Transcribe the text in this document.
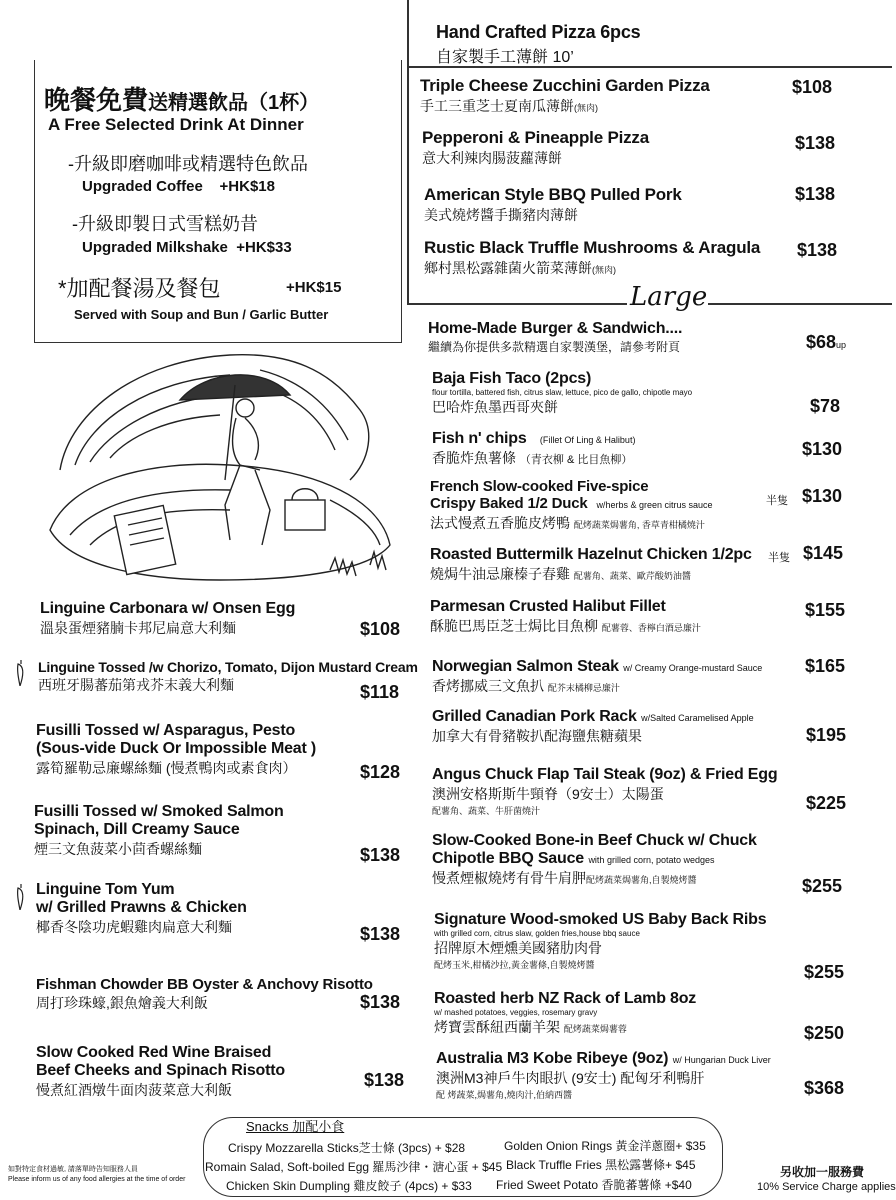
晚餐免費送精選飲品（1杯）
A Free Selected Drink At Dinner
-升級即磨咖啡或精選特色飲品
Upgraded Coffee +HK$18
-升級即製日式雪糕奶昔
Upgraded Milkshake +HK$33
*加配餐湯及餐包	+HK$15
Served with Soup and Bun / Garlic Butter
Hand Crafted Pizza 6pcs
自家製手工薄餅 10’
Triple Cheese Zucchini Garden Pizza
手工三重芝士夏南瓜薄餅(無肉)
$108
Pepperoni & Pineapple Pizza
意大利辣肉腸菠蘿薄餅
$138
American Style BBQ Pulled Pork
美式燒烤醬手撕豬肉薄餅
$138
Rustic Black Truffle Mushrooms & Aragula
鄉村黑松露雜菌火箭菜薄餅(無肉)
$138
Large
Home-Made Burger & Sandwich....
繼續為你提供多款精選自家製漢堡，請參考附頁	$68up
Baja Fish Taco (2pcs)
flour tortilla, battered fish, citrus slaw, lettuce, pico de gallo, chipotle mayo
巴哈炸魚墨西哥夾餅	$78
Fish n' chips (Fillet Of Ling & Halibut)
香脆炸魚薯條 （青衣柳 & 比目魚柳）
$130
French Slow-cooked Five-spice
Crispy Baked 1/2 Duck w/herbs & green citrus sauce
法式慢煮五香脆皮烤鴨 配烤蔬菜焗薯角, 香草青柑橘燒汁
半隻 $130
Roasted Buttermilk Hazelnut Chicken 1/2pc
燒焗牛油忌廉榛子春雞 配薯角、蔬菜、歐芹酸奶油醬
半隻 $145
Parmesan Crusted Halibut Fillet
酥脆巴馬臣芝士焗比目魚柳 配薯蓉、香檸白酒忌廉汁
$155
Norwegian Salmon Steak w/ Creamy Orange-mustard Sauce
香烤挪威三文魚扒 配芥末橘柳忌廉汁
$165
Grilled Canadian Pork Rack w/Salted Caramelised Apple
加拿大有骨豬鞍扒配海鹽焦糖蘋果	$195
Angus Chuck Flap Tail Steak (9oz) & Fried Egg
澳洲安格斯斯牛頸脊（9安士）太陽蛋
配薯角、蔬菜、牛肝菌燒汁	$225
Slow-Cooked Bone-in Beef Chuck w/ Chuck
Chipotle BBQ Sauce with grilled corn, potato wedges
慢煮煙椒燒烤有骨牛肩胛配烤蔬菜焗薯角,自製燒烤醬	$255
Signature Wood-smoked US Baby Back Ribs
with grilled corn, citrus slaw, golden fries,house bbq sauce
招牌原木煙燻美國豬肋肉骨
配烤玉米,柑橘沙拉,黃金薯條,自製燒烤醬	$255
Roasted herb NZ Rack of Lamb 8oz
w/ mashed potatoes, veggies, rosemary gravy
烤寶雲酥紐西蘭羊架 配烤蔬菜焗薯蓉	$250
Australia M3 Kobe Ribeye (9oz) w/ Hungarian Duck Liver
澳洲M3神戶牛肉眼扒 (9安士) 配匈牙利鴨肝
配 烤蔬菜,焗薯角,燒肉汁,伯納西醬	$368
Linguine Carbonara w/ Onsen Egg
溫泉蛋煙豬腩卡邦尼扁意大利麵	$108
Linguine Tossed /w Chorizo, Tomato, Dijon Mustard Cream
西班牙腸蕃茄第戎芥末義大利麵	$118
Fusilli Tossed w/ Asparagus, Pesto
(Sous-vide Duck Or Impossible Meat )
露筍羅勒忌廉螺絲麵 (慢煮鴨肉或素食肉）	$128
Fusilli Tossed w/ Smoked Salmon
Spinach, Dill Creamy Sauce
煙三文魚菠菜小茴香螺絲麵	$138
Linguine Tom Yum
w/ Grilled Prawns & Chicken
椰香冬陰功虎蝦雞肉扁意大利麵	$138
Fishman Chowder BB Oyster & Anchovy Risotto
周打珍珠蠔,銀魚燴義大利飯	$138
Slow Cooked Red Wine Braised
Beef Cheeks and Spinach Risotto
慢煮紅酒燉牛面肉菠菜意大利飯	$138
Snacks 加配小食
Crispy Mozzarella Sticks芝士條 (3pcs) + $28
Romain Salad, Soft-boiled Egg 羅馬沙律・溏心蛋 + $45
Chicken Skin Dumpling 雞皮餃子 (4pcs) + $33
Golden Onion Rings 黃金洋蔥圈+ $35
Black Truffle Fries 黑松露薯條+ $45
Fried Sweet Potato 香脆蕃薯條 +$40
如對特定食材過敏, 請落單時告知服務人員
Please inform us of any food allergies at the time of order
另收加一服務費
10% Service Charge applies
